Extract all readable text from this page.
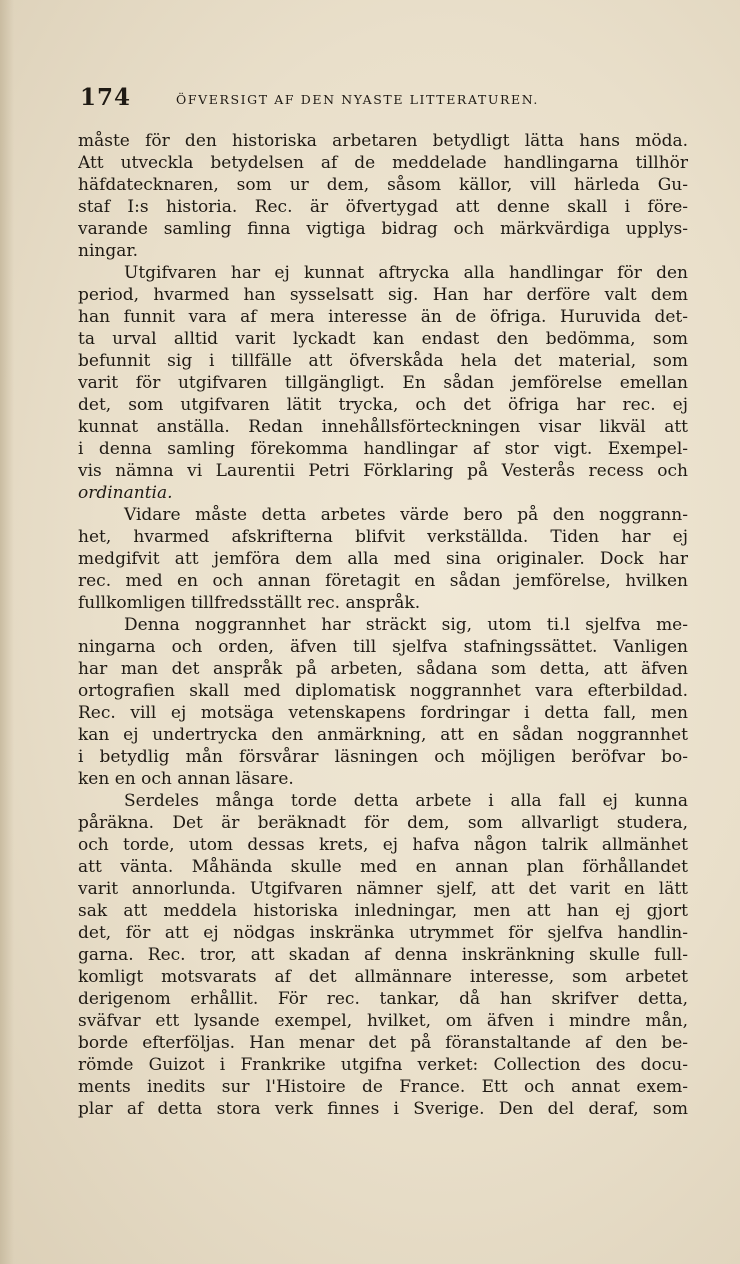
174	ÖFVERSIGT AF DEN NYASTE LITTERATUREN.
måste för den historiska arbetaren betydligt lätta hans möda.
Att utveckla betydelsen af de meddelade handlingarna tillhör
häfdatecknaren, som ur dem, såsom källor, vill härleda Gu-
staf I:s historia. Rec. är öfvertygad att denne skall i före-
varande samling finna vigtiga bidrag och märkvärdiga upplys-
ningar.
Utgifvaren har ej kunnat aftrycka alla handlingar för den
period, hvarmed han sysselsatt sig. Han har derföre valt dem
han funnit vara af mera interesse än de öfriga. Huruvida det-
ta urval alltid varit lyckadt kan endast den bedömma, som
befunnit sig i tillfälle att öfverskåda hela det material, som
varit för utgifvaren tillgängligt. En sådan jemförelse emellan
det, som utgifvaren lätit trycka, och det öfriga har rec. ej
kunnat anställa. Redan innehållsförteckningen visar likväl att
i denna samling förekomma handlingar af stor vigt. Exempel-
vis nämna vi Laurentii Petri Förklaring på Vesterås recess och
ordinantia.
Vidare måste detta arbetes värde bero på den noggrann-
het, hvarmed afskrifterna blifvit verkställda. Tiden har ej
medgifvit att jemföra dem alla med sina originaler. Dock har
rec. med en och annan företagit en sådan jemförelse, hvilken
fullkomligen tillfredsställt rec. anspråk.
Denna noggrannhet har sträckt sig, utom ti.l sjelfva me-
ningarna och orden, äfven till sjelfva stafningssättet. Vanligen
har man det anspråk på arbeten, sådana som detta, att äfven
ortografien skall med diplomatisk noggrannhet vara efterbildad.
Rec. vill ej motsäga vetenskapens fordringar i detta fall, men
kan ej undertrycka den anmärkning, att en sådan noggrannhet
i betydlig mån försvårar läsningen och möjligen beröfvar bo-
ken en och annan läsare.
Serdeles många torde detta arbete i alla fall ej kunna
påräkna. Det är beräknadt för dem, som allvarligt studera,
och torde, utom dessas krets, ej hafva någon talrik allmänhet
att vänta. Måhända skulle med en annan plan förhållandet
varit annorlunda. Utgifvaren nämner sjelf, att det varit en lätt
sak att meddela historiska inledningar, men att han ej gjort
det, för att ej nödgas inskränka utrymmet för sjelfva handlin-
garna. Rec. tror, att skadan af denna inskränkning skulle full-
komligt motsvarats af det allmännare interesse, som arbetet
derigenom erhållit. För rec. tankar, då han skrifver detta,
sväfvar ett lysande exempel, hvilket, om äfven i mindre mån,
borde efterföljas. Han menar det på föranstaltande af den be-
römde Guizot i Frankrike utgifna verket: Collection des docu-
ments inedits sur l'Histoire de France. Ett och annat exem-
plar af detta stora verk finnes i Sverige. Den del deraf, som
